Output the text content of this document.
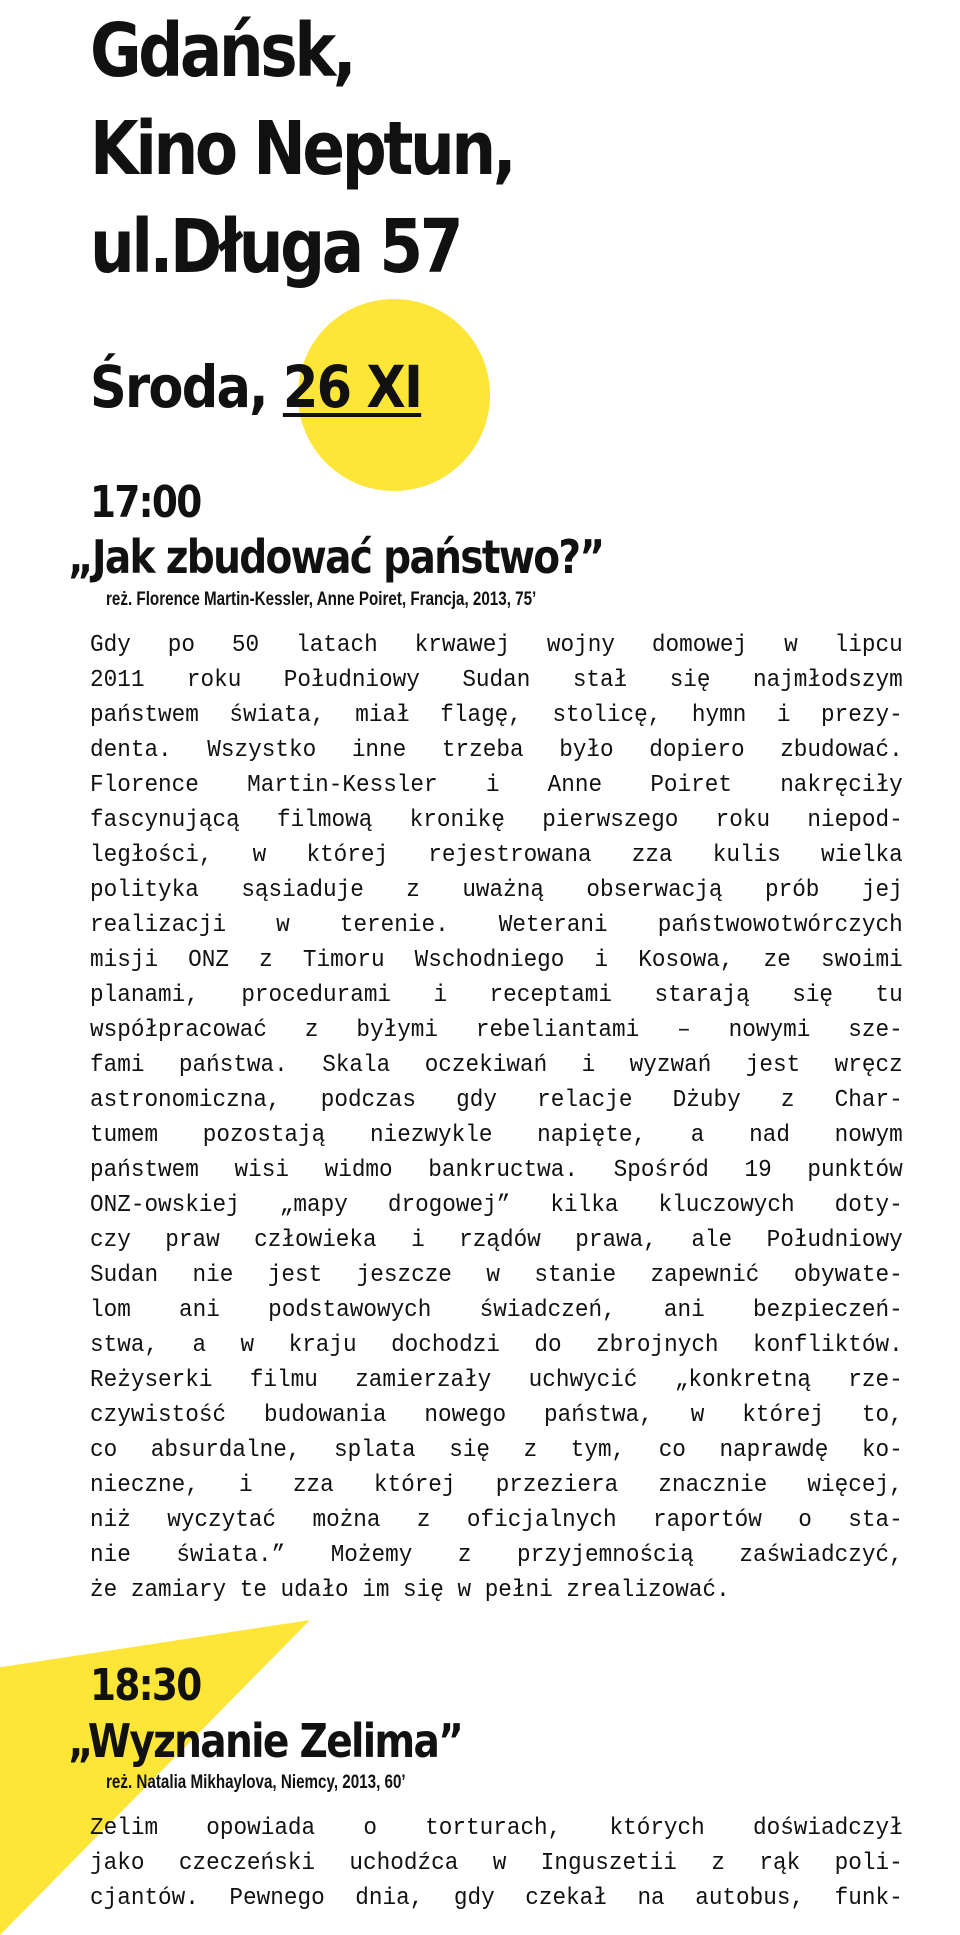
Gdańsk,
Kino Neptun,
ul.Długa 57
Środa, 26 XI
17:00
„Jak zbudować państwo?”
reż. Florence Martin-Kessler, Anne Poiret, Francja, 2013, 75’
Gdy po 50 latach krwawej wojny domowej w lipcu
2011 roku Południowy Sudan stał się najmłodszym
państwem świata, miał flagę, stolicę, hymn i prezy-
denta. Wszystko inne trzeba było dopiero zbudować.
Florence Martin-Kessler i Anne Poiret nakręciły
fascynującą filmową kronikę pierwszego roku niepod-
ległości, w której rejestrowana zza kulis wielka
polityka sąsiaduje z uważną obserwacją prób jej
realizacji w terenie. Weterani państwowotwórczych
misji ONZ z Timoru Wschodniego i Kosowa, ze swoimi
planami, procedurami i receptami starają się tu
współpracować z byłymi rebeliantami – nowymi sze-
fami państwa. Skala oczekiwań i wyzwań jest wręcz
astronomiczna, podczas gdy relacje Dżuby z Char-
tumem pozostają niezwykle napięte, a nad nowym
państwem wisi widmo bankructwa. Spośród 19 punktów
ONZ-owskiej „mapy drogowej” kilka kluczowych doty-
czy praw człowieka i rządów prawa, ale Południowy
Sudan nie jest jeszcze w stanie zapewnić obywate-
lom ani podstawowych świadczeń, ani bezpieczeń-
stwa, a w kraju dochodzi do zbrojnych konfliktów.
Reżyserki filmu zamierzały uchwycić „konkretną rze-
czywistość budowania nowego państwa, w której to,
co absurdalne, splata się z tym, co naprawdę ko-
nieczne, i zza której przeziera znacznie więcej,
niż wyczytać można z oficjalnych raportów o sta-
nie świata.” Możemy z przyjemnością zaświadczyć,
że zamiary te udało im się w pełni zrealizować.
18:30
„Wyznanie Zelima”
reż. Natalia Mikhaylova, Niemcy, 2013, 60’
Zelim opowiada o torturach, których doświadczył
jako czeczeński uchodźca w Inguszetii z rąk poli-
cjantów. Pewnego dnia, gdy czekał na autobus, funk-
